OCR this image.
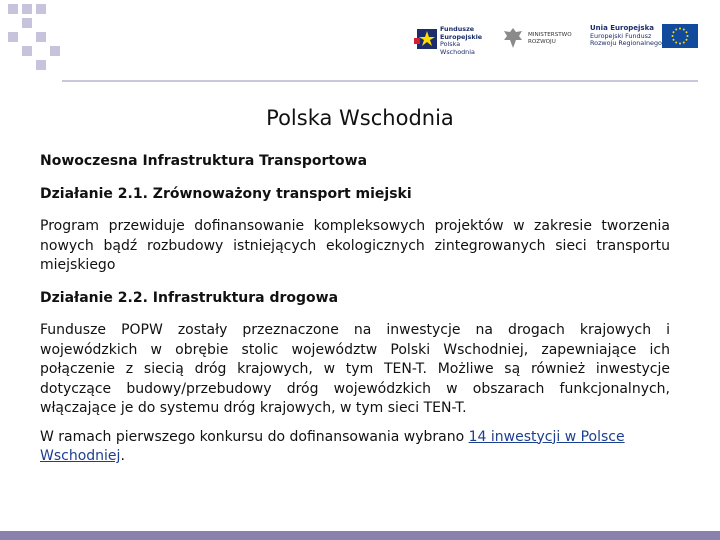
Fundusze
Europejskie
Polska Wschodnia
MINISTERSTWO
ROZWOJU
Unia Europejska
Europejski Fundusz
Rozwoju Regionalnego
Polska Wschodnia

Nowoczesna Infrastruktura Transportowa

Działanie 2.1. Zrównoważony transport miejski

Program przewiduje dofinansowanie kompleksowych projektów w zakresie tworzenia nowych bądź rozbudowy istniejących ekologicznych zintegrowanych sieci transportu miejskiego

Działanie 2.2. Infrastruktura drogowa

Fundusze POPW zostały przeznaczone na inwestycje na drogach krajowych i wojewódzkich w obrębie stolic województw Polski Wschodniej, zapewniające ich połączenie z siecią dróg krajowych, w tym TEN-T. Możliwe są również inwestycje dotyczące budowy/przebudowy dróg wojewódzkich w obszarach funkcjonalnych, włączające je do systemu dróg krajowych, w tym sieci TEN-T.

W ramach pierwszego konkursu do dofinansowania wybrano 14 inwestycji w Polsce Wschodniej.
